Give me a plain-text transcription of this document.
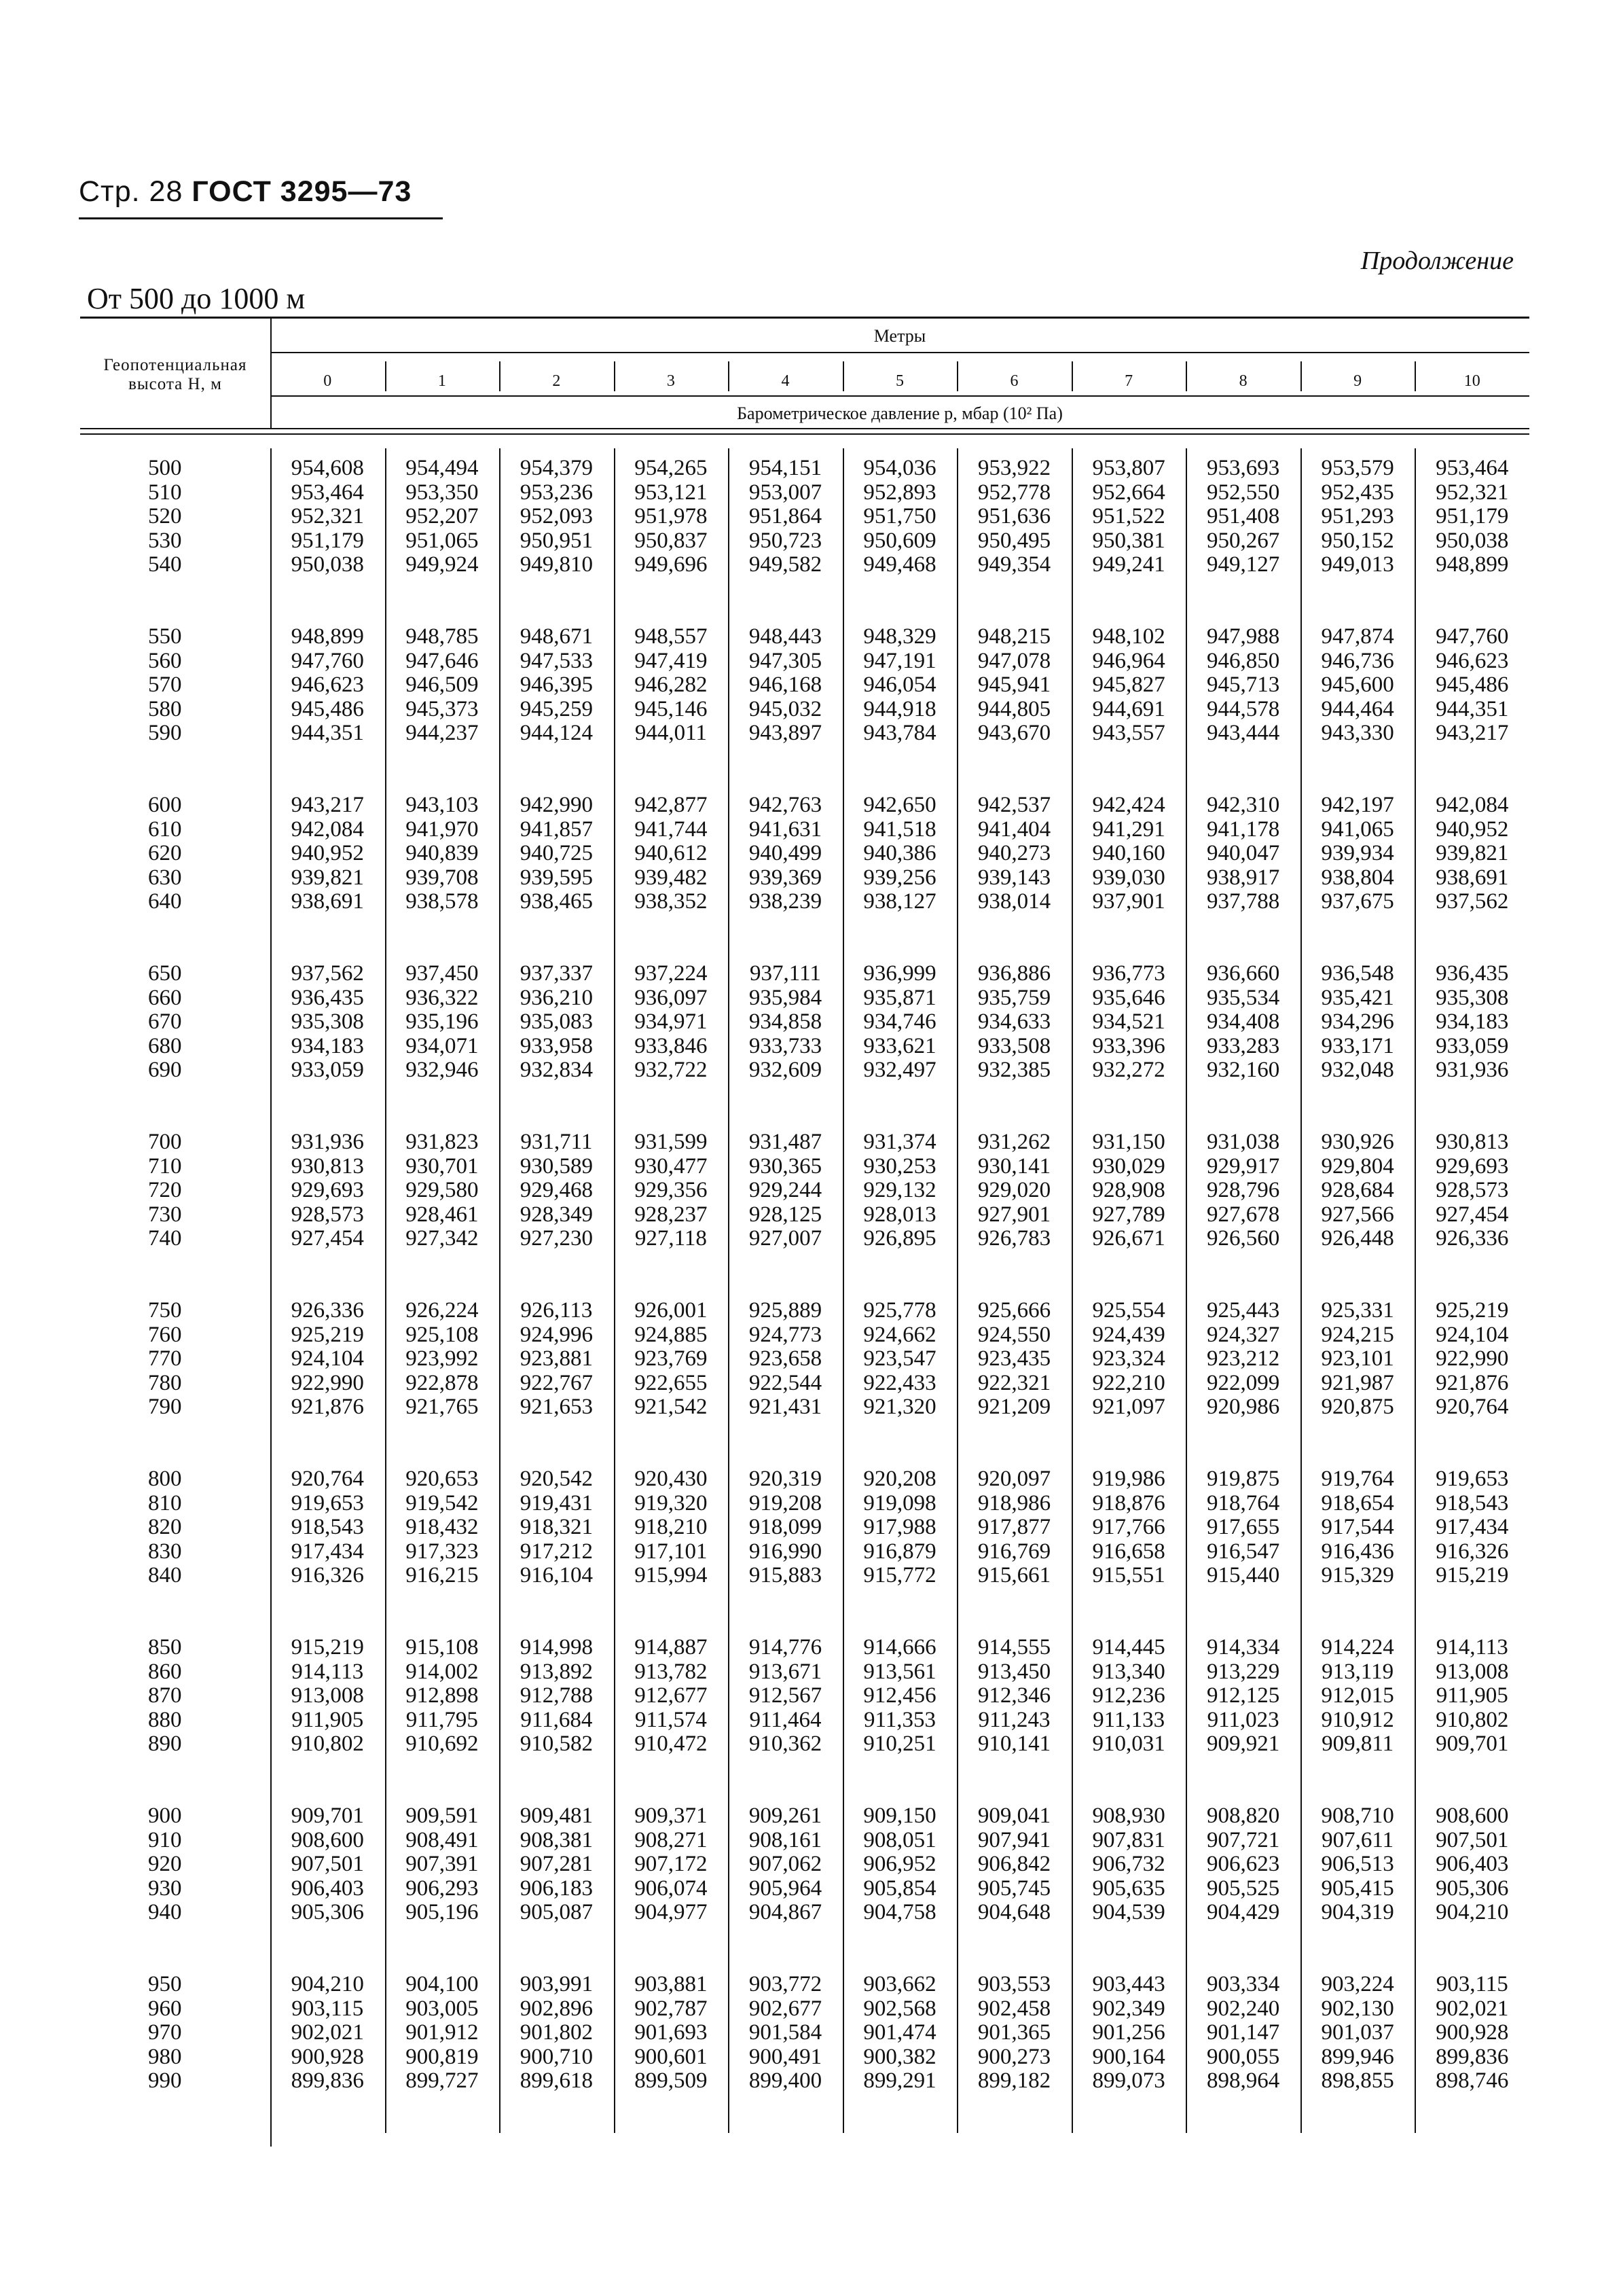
Стр. 28 ГОСТ 3295—73
Продолжение
От 500 до 1000 м
Геопотенциальная высота H, м
Метры
Барометрическое давление p, мбар (10² Па)
0	1	2	3	4	5	6	7	8	9	10
500	954,608	954,494	954,379	954,265	954,151	954,036	953,922	953,807	953,693	953,579	953,464
510	953,464	953,350	953,236	953,121	953,007	952,893	952,778	952,664	952,550	952,435	952,321
520	952,321	952,207	952,093	951,978	951,864	951,750	951,636	951,522	951,408	951,293	951,179
530	951,179	951,065	950,951	950,837	950,723	950,609	950,495	950,381	950,267	950,152	950,038
540	950,038	949,924	949,810	949,696	949,582	949,468	949,354	949,241	949,127	949,013	948,899
550	948,899	948,785	948,671	948,557	948,443	948,329	948,215	948,102	947,988	947,874	947,760
560	947,760	947,646	947,533	947,419	947,305	947,191	947,078	946,964	946,850	946,736	946,623
570	946,623	946,509	946,395	946,282	946,168	946,054	945,941	945,827	945,713	945,600	945,486
580	945,486	945,373	945,259	945,146	945,032	944,918	944,805	944,691	944,578	944,464	944,351
590	944,351	944,237	944,124	944,011	943,897	943,784	943,670	943,557	943,444	943,330	943,217
600	943,217	943,103	942,990	942,877	942,763	942,650	942,537	942,424	942,310	942,197	942,084
610	942,084	941,970	941,857	941,744	941,631	941,518	941,404	941,291	941,178	941,065	940,952
620	940,952	940,839	940,725	940,612	940,499	940,386	940,273	940,160	940,047	939,934	939,821
630	939,821	939,708	939,595	939,482	939,369	939,256	939,143	939,030	938,917	938,804	938,691
640	938,691	938,578	938,465	938,352	938,239	938,127	938,014	937,901	937,788	937,675	937,562
650	937,562	937,450	937,337	937,224	937,111	936,999	936,886	936,773	936,660	936,548	936,435
660	936,435	936,322	936,210	936,097	935,984	935,871	935,759	935,646	935,534	935,421	935,308
670	935,308	935,196	935,083	934,971	934,858	934,746	934,633	934,521	934,408	934,296	934,183
680	934,183	934,071	933,958	933,846	933,733	933,621	933,508	933,396	933,283	933,171	933,059
690	933,059	932,946	932,834	932,722	932,609	932,497	932,385	932,272	932,160	932,048	931,936
700	931,936	931,823	931,711	931,599	931,487	931,374	931,262	931,150	931,038	930,926	930,813
710	930,813	930,701	930,589	930,477	930,365	930,253	930,141	930,029	929,917	929,804	929,693
720	929,693	929,580	929,468	929,356	929,244	929,132	929,020	928,908	928,796	928,684	928,573
730	928,573	928,461	928,349	928,237	928,125	928,013	927,901	927,789	927,678	927,566	927,454
740	927,454	927,342	927,230	927,118	927,007	926,895	926,783	926,671	926,560	926,448	926,336
750	926,336	926,224	926,113	926,001	925,889	925,778	925,666	925,554	925,443	925,331	925,219
760	925,219	925,108	924,996	924,885	924,773	924,662	924,550	924,439	924,327	924,215	924,104
770	924,104	923,992	923,881	923,769	923,658	923,547	923,435	923,324	923,212	923,101	922,990
780	922,990	922,878	922,767	922,655	922,544	922,433	922,321	922,210	922,099	921,987	921,876
790	921,876	921,765	921,653	921,542	921,431	921,320	921,209	921,097	920,986	920,875	920,764
800	920,764	920,653	920,542	920,430	920,319	920,208	920,097	919,986	919,875	919,764	919,653
810	919,653	919,542	919,431	919,320	919,208	919,098	918,986	918,876	918,764	918,654	918,543
820	918,543	918,432	918,321	918,210	918,099	917,988	917,877	917,766	917,655	917,544	917,434
830	917,434	917,323	917,212	917,101	916,990	916,879	916,769	916,658	916,547	916,436	916,326
840	916,326	916,215	916,104	915,994	915,883	915,772	915,661	915,551	915,440	915,329	915,219
850	915,219	915,108	914,998	914,887	914,776	914,666	914,555	914,445	914,334	914,224	914,113
860	914,113	914,002	913,892	913,782	913,671	913,561	913,450	913,340	913,229	913,119	913,008
870	913,008	912,898	912,788	912,677	912,567	912,456	912,346	912,236	912,125	912,015	911,905
880	911,905	911,795	911,684	911,574	911,464	911,353	911,243	911,133	911,023	910,912	910,802
890	910,802	910,692	910,582	910,472	910,362	910,251	910,141	910,031	909,921	909,811	909,701
900	909,701	909,591	909,481	909,371	909,261	909,150	909,041	908,930	908,820	908,710	908,600
910	908,600	908,491	908,381	908,271	908,161	908,051	907,941	907,831	907,721	907,611	907,501
920	907,501	907,391	907,281	907,172	907,062	906,952	906,842	906,732	906,623	906,513	906,403
930	906,403	906,293	906,183	906,074	905,964	905,854	905,745	905,635	905,525	905,415	905,306
940	905,306	905,196	905,087	904,977	904,867	904,758	904,648	904,539	904,429	904,319	904,210
950	904,210	904,100	903,991	903,881	903,772	903,662	903,553	903,443	903,334	903,224	903,115
960	903,115	903,005	902,896	902,787	902,677	902,568	902,458	902,349	902,240	902,130	902,021
970	902,021	901,912	901,802	901,693	901,584	901,474	901,365	901,256	901,147	901,037	900,928
980	900,928	900,819	900,710	900,601	900,491	900,382	900,273	900,164	900,055	899,946	899,836
990	899,836	899,727	899,618	899,509	899,400	899,291	899,182	899,073	898,964	898,855	898,746
